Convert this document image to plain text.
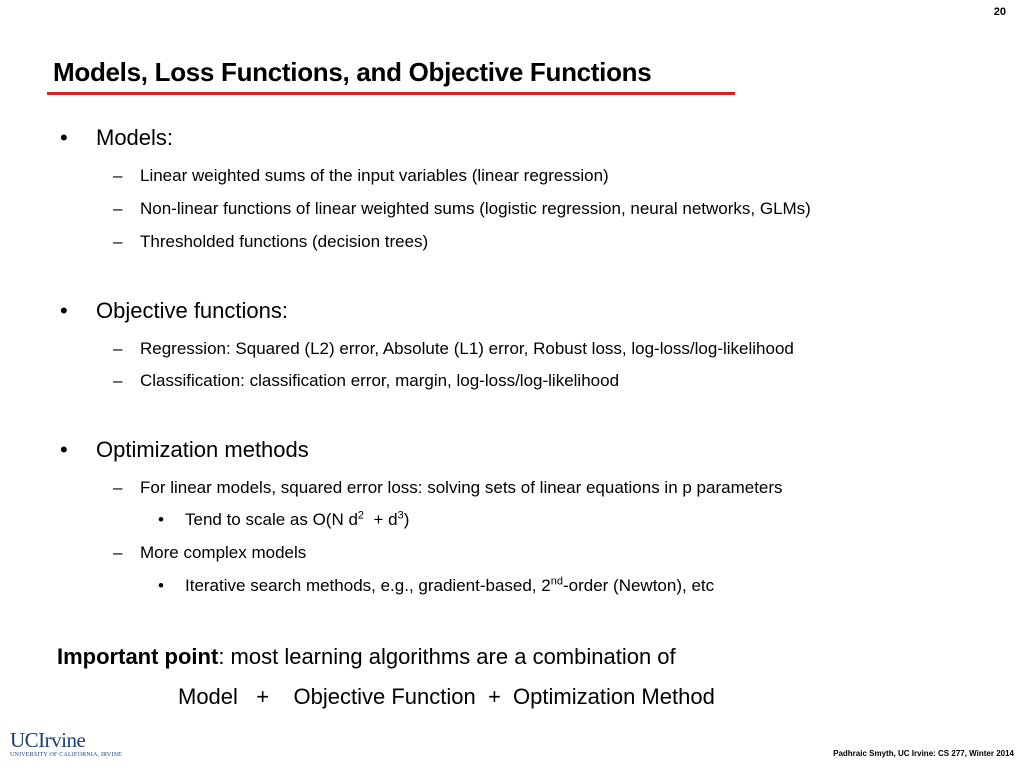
20
Models, Loss Functions, and Objective Functions
• Models:
– Linear weighted sums of the input variables (linear regression)
– Non-linear functions of linear weighted sums (logistic regression, neural networks, GLMs)
– Thresholded functions (decision trees)
• Objective functions:
– Regression: Squared (L2) error, Absolute (L1) error, Robust loss, log-loss/log-likelihood
– Classification: classification error, margin, log-loss/log-likelihood
• Optimization methods
– For linear models, squared error loss: solving sets of linear equations in p parameters
• Tend to scale as O(N $d^2 + d^3$)
– More complex models
• Iterative search methods, e.g., gradient-based, 2nd-order (Newton), etc
Important point: most learning algorithms are a combination of
Model   +    Objective Function  +  Optimization Method
UCIrvine
UNIVERSITY OF CALIFORNIA, IRVINE	Padhraic Smyth, UC Irvine: CS 277, Winter 2014
